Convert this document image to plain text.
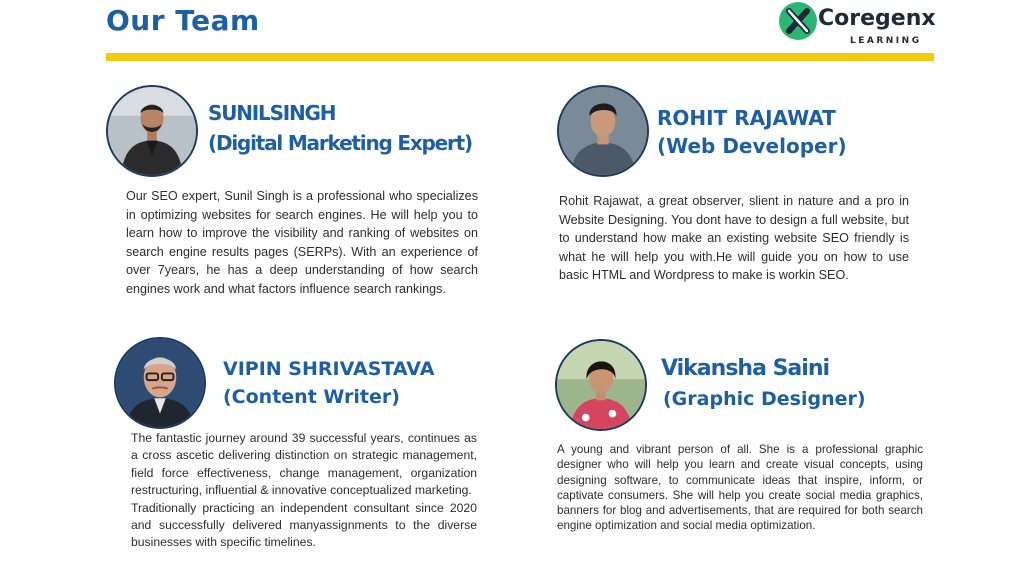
Our Team	Coregenx
LEARNING
SUNILSINGH
(Digital Marketing Expert)

Our SEO expert, Sunil Singh is a professional who specializes in optimizing websites for search engines. He will help you to learn how to improve the visibility and ranking of websites on search engine results pages (SERPs). With an experience of over 7years, he has a deep understanding of how search engines work and what factors influence search rankings.

ROHIT RAJAWAT
(Web Developer)

Rohit Rajawat, a great observer, slient in nature and a pro in Website Designing. You dont have to design a full website, but to understand how make an existing website SEO friendly is what he will help you with.He will guide you on how to use basic HTML and Wordpress to make is workin SEO.

VIPIN SHRIVASTAVA
(Content Writer)

The fantastic journey around 39 successful years, continues as a cross ascetic delivering distinction on strategic management, field force effectiveness, change management, organization restructuring, influential & innovative conceptualized marketing.

Traditionally practicing an independent consultant since 2020 and successfully delivered manyassignments to the diverse businesses with specific timelines.

Vikansha Saini
(Graphic Designer)

A young and vibrant person of all. She is a professional graphic designer who will help you learn and create visual concepts, using designing software, to communicate ideas that inspire, inform, or captivate consumers. She will help you create social media graphics, banners for blog and advertisements, that are required for both search engine optimization and social media optimization.
